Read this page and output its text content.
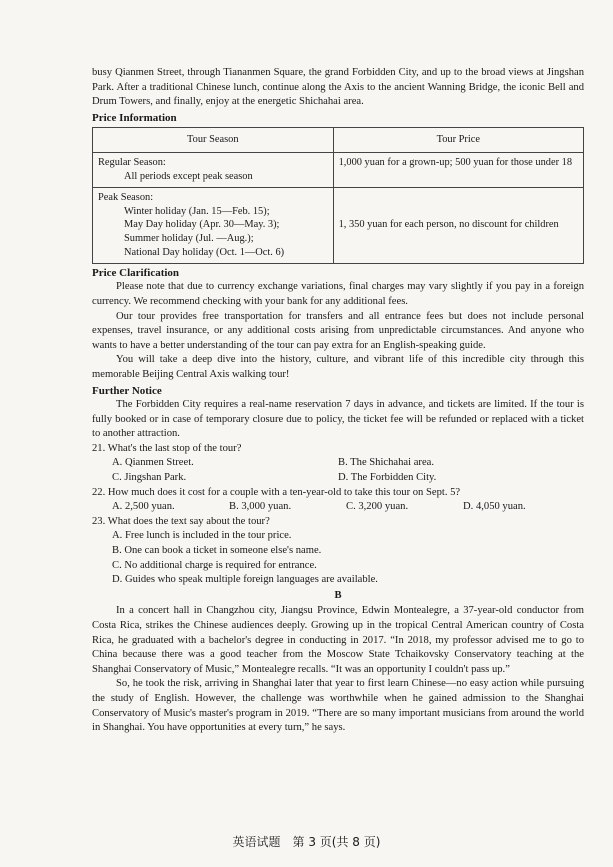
busy Qianmen Street, through Tiananmen Square, the grand Forbidden City, and up to the broad views at Jingshan Park. After a traditional Chinese lunch, continue along the Axis to the ancient Wanning Bridge, the iconic Bell and Drum Towers, and finally, enjoy at the energetic Shichahai area.

Price Information
Tour Season	Tour Price
Regular Season:
All periods except peak season	1,000 yuan for a grown-up; 500 yuan for those under 18
Peak Season:
Winter holiday (Jan. 15—Feb. 15);
May Day holiday (Apr. 30—May. 3);
Summer holiday (Jul. —Aug.);
National Day holiday (Oct. 1—Oct. 6)	1, 350 yuan for each person, no discount for children
Price Clarification

Please note that due to currency exchange variations, final charges may vary slightly if you pay in a foreign currency. We recommend checking with your bank for any additional fees.

Our tour provides free transportation for transfers and all entrance fees but does not include personal expenses, travel insurance, or any additional costs arising from unpredictable circumstances. And anyone who wants to have a better understanding of the tour can pay extra for an English-speaking guide.

You will take a deep dive into the history, culture, and vibrant life of this incredible city through this memorable Beijing Central Axis walking tour!

Further Notice

The Forbidden City requires a real-name reservation 7 days in advance, and tickets are limited. If the tour is fully booked or in case of temporary closure due to policy, the ticket fee will be refunded or replaced with a ticket to another attraction.

21. What's the last stop of the tour?
A. Qianmen Street.	B. The Shichahai area.
C. Jingshan Park.	D. The Forbidden City.
22. How much does it cost for a couple with a ten-year-old to take this tour on Sept. 5?
A. 2,500 yuan.	B. 3,000 yuan.	C. 3,200 yuan.	D. 4,050 yuan.
23. What does the text say about the tour?
A. Free lunch is included in the tour price.
B. One can book a ticket in someone else's name.
C. No additional charge is required for entrance.
D. Guides who speak multiple foreign languages are available.
B

In a concert hall in Changzhou city, Jiangsu Province, Edwin Montealegre, a 37-year-old conductor from Costa Rica, strikes the Chinese audiences deeply. Growing up in the tropical Central American country of Costa Rica, he graduated with a bachelor's degree in conducting in 2017. “In 2018, my professor advised me to go to China because there was a good teacher from the Moscow State Tchaikovsky Conservatory teaching at the Shanghai Conservatory of Music,” Montealegre recalls. “It was an opportunity I couldn't pass up.”

So, he took the risk, arriving in Shanghai later that year to first learn Chinese—no easy action while pursuing the study of English. However, the challenge was worthwhile when he gained admission to the Shanghai Conservatory of Music's master's program in 2019. “There are so many important musicians from around the world in Shanghai. You have opportunities at every turn,” he says.

英语试题　第 3 页(共 8 页)
